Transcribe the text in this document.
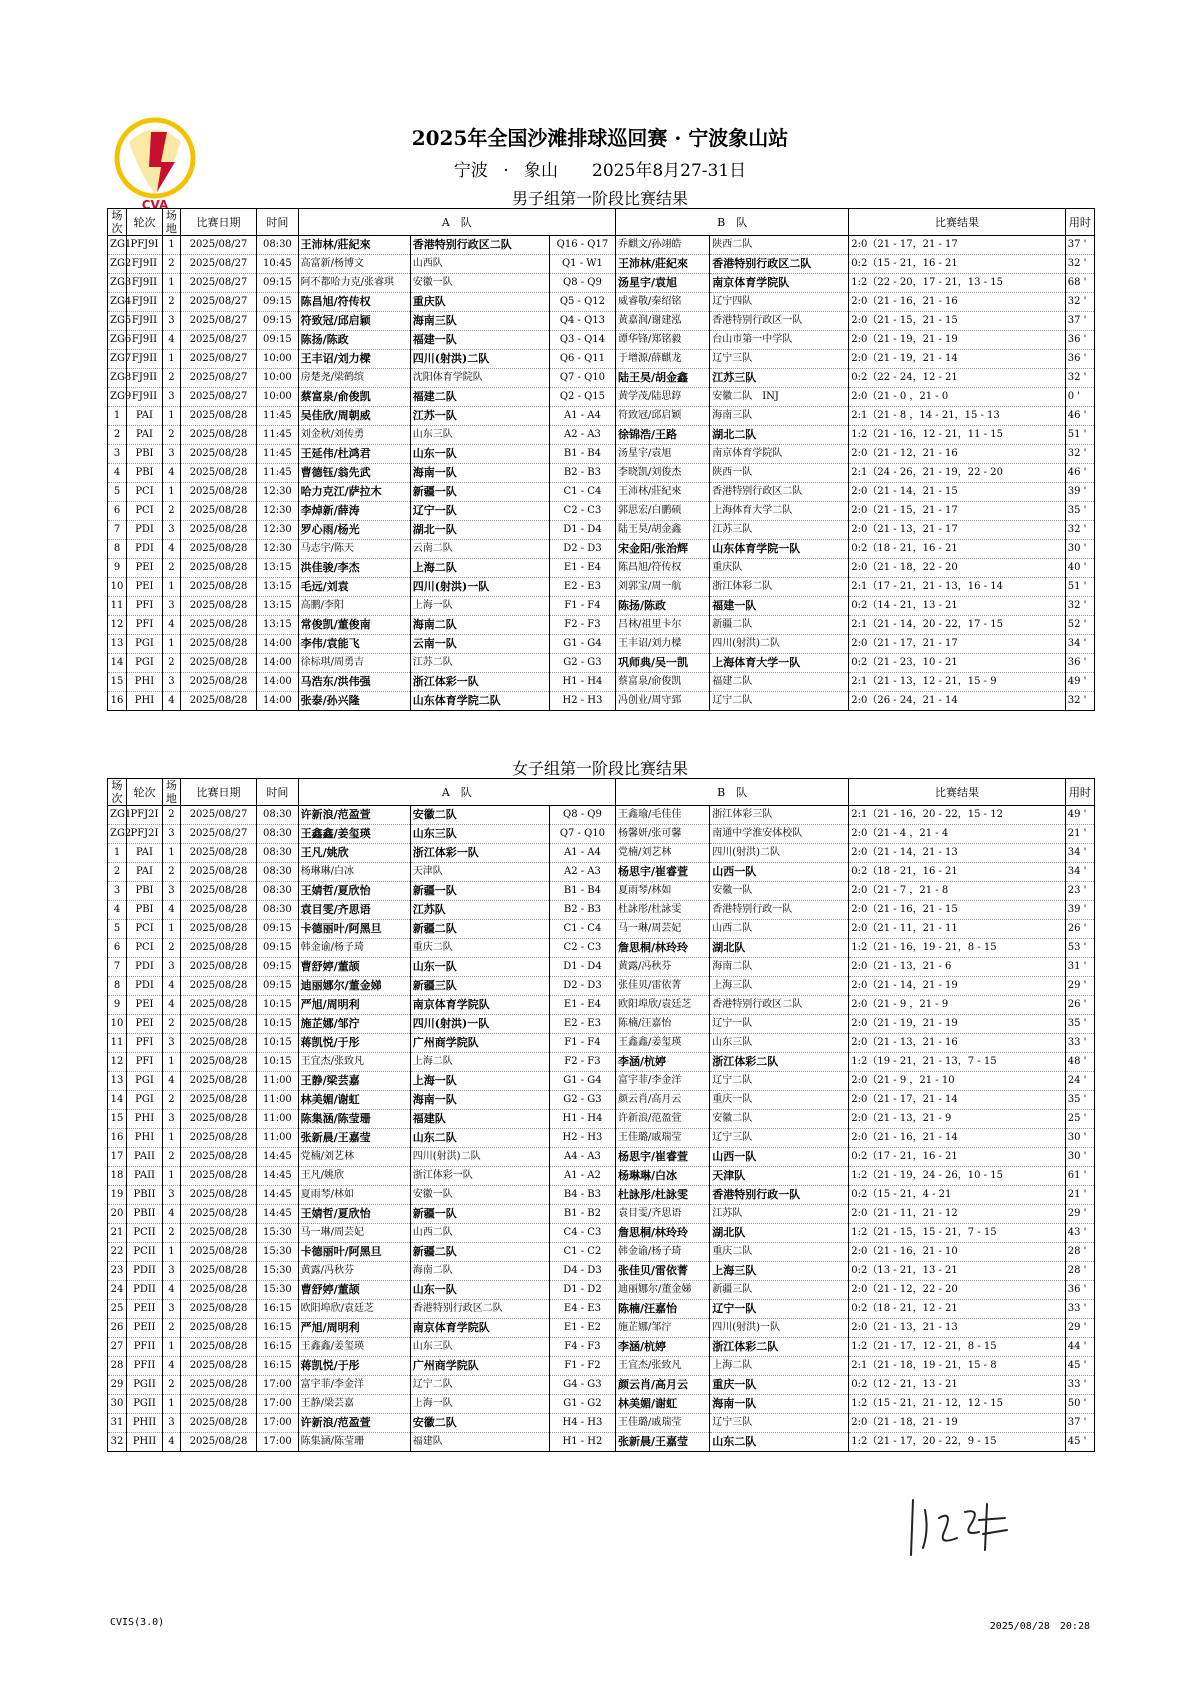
CVA
2025年全国沙滩排球巡回赛 · 宁波象山站
宁波 · 象山　　2025年8月27-31日
男子组第一阶段比赛结果
场次	轮次	场地	比赛日期	时间	A　队			B　队		比赛结果	用时
ZG1	PFJ9I	1	2025/08/27	08:30	王沛林/莊紀來	香港特别行政区二队	Q16 - Q17	乔麒文/孙翊皓	陕西二队	2:0（21 - 17，21 - 17	37 '
ZG2	FJ9II	2	2025/08/27	10:45	高富新/杨博文	山西队	Q1 - W1	王沛林/莊紀來	香港特别行政区二队	0:2（15 - 21，16 - 21	32 '
ZG3	FJ9II	1	2025/08/27	09:15	阿不都哈力克/张睿琪	安徽一队	Q8 - Q9	汤星宇/袁旭	南京体育学院队	1:2（22 - 20，17 - 21，13 - 15	68 '
ZG4	FJ9II	2	2025/08/27	09:15	陈昌旭/符传权	重庆队	Q5 - Q12	威睿敬/秦绍铭	辽宁四队	2:0（21 - 16，21 - 16	32 '
ZG5	FJ9II	3	2025/08/27	09:15	符致冠/邱启颖	海南三队	Q4 - Q13	黄嘉润/谢建泓	香港特别行政区一队	2:0（21 - 15，21 - 15	37 '
ZG6	FJ9II	4	2025/08/27	09:15	陈扬/陈政	福建一队	Q3 - Q14	谭华锋/郑铭毅	台山市第一中学队	2:0（21 - 19，21 - 19	36 '
ZG7	FJ9II	1	2025/08/27	10:00	王丰诏/刘力樑	四川(射洪)二队	Q6 - Q11	于增源/薛麒龙	辽宁三队	2:0（21 - 19，21 - 14	36 '
ZG8	FJ9II	2	2025/08/27	10:00	房楚尧/梁鹤缤	沈阳体育学院队	Q7 - Q10	陆王昊/胡金鑫	江苏三队	0:2（22 - 24，12 - 21	32 '
ZG9	FJ9II	3	2025/08/27	10:00	蔡富泉/俞俊凯	福建二队	Q2 - Q15	黄学茂/陆思錞	安徽二队　INJ	2:0（21 - 0 ，21 - 0	0 '
1	PAI	1	2025/08/28	11:45	吴佳欣/周朝威	江苏一队	A1 - A4	符致冠/邱启颖	海南三队	2:1（21 - 8 ，14 - 21，15 - 13	46 '
2	PAI	2	2025/08/28	11:45	刘金秋/刘传勇	山东三队	A2 - A3	徐锦浩/王路	湖北二队	1:2（21 - 16，12 - 21，11 - 15	51 '
3	PBI	3	2025/08/28	11:45	王延伟/杜鸿君	山东一队	B1 - B4	汤星宇/袁旭	南京体育学院队	2:0（21 - 12，21 - 16	32 '
4	PBI	4	2025/08/28	11:45	曹德钰/翁先武	海南一队	B2 - B3	李晓凯/刘俊杰	陕西一队	2:1（24 - 26，21 - 19，22 - 20	46 '
5	PCI	1	2025/08/28	12:30	哈力克江/萨拉木	新疆一队	C1 - C4	王沛林/莊紀來	香港特别行政区二队	2:0（21 - 14，21 - 15	39 '
6	PCI	2	2025/08/28	12:30	李焯新/薛涛	辽宁一队	C2 - C3	郭思宏/白鹏硕	上海体育大学二队	2:0（21 - 15，21 - 17	35 '
7	PDI	3	2025/08/28	12:30	罗心雨/杨光	湖北一队	D1 - D4	陆王昊/胡金鑫	江苏三队	2:0（21 - 13，21 - 17	32 '
8	PDI	4	2025/08/28	12:30	马志宇/陈天	云南二队	D2 - D3	宋金阳/张治辉	山东体育学院一队	0:2（18 - 21，16 - 21	30 '
9	PEI	2	2025/08/28	13:15	洪佳骏/李杰	上海二队	E1 - E4	陈昌旭/符传权	重庆队	2:0（21 - 18，22 - 20	40 '
10	PEI	1	2025/08/28	13:15	毛远/刘袁	四川(射洪)一队	E2 - E3	刘郭宝/周一航	浙江体彩二队	2:1（17 - 21，21 - 13，16 - 14	51 '
11	PFI	3	2025/08/28	13:15	高鹏/李阳	上海一队	F1 - F4	陈扬/陈政	福建一队	0:2（14 - 21，13 - 21	32 '
12	PFI	4	2025/08/28	13:15	常俊凯/董俊南	海南二队	F2 - F3	吕林/祖里卡尔	新疆二队	2:1（21 - 14，20 - 22，17 - 15	52 '
13	PGI	1	2025/08/28	14:00	李伟/袁能飞	云南一队	G1 - G4	王丰诏/刘力樑	四川(射洪)二队	2:0（21 - 17，21 - 17	34 '
14	PGI	2	2025/08/28	14:00	徐标琪/周勇吉	江苏二队	G2 - G3	巩师典/吴一凯	上海体育大学一队	0:2（21 - 23，10 - 21	36 '
15	PHI	3	2025/08/28	14:00	马浩东/洪伟强	浙江体彩一队	H1 - H4	蔡富泉/俞俊凯	福建二队	2:1（21 - 13，12 - 21，15 - 9	49 '
16	PHI	4	2025/08/28	14:00	张泰/孙兴隆	山东体育学院二队	H2 - H3	冯创业/周守郅	辽宁二队	2:0（26 - 24，21 - 14	32 '
女子组第一阶段比赛结果
场次	轮次	场地	比赛日期	时间	A　队			B　队		比赛结果	用时
ZG1	PFJ2I	2	2025/08/27	08:30	许新浪/范盈萱	安徽二队	Q8 - Q9	王鑫瑜/毛佳佳	浙江体彩三队	2:1（21 - 16，20 - 22，15 - 12	49 '
ZG2	PFJ2I	3	2025/08/27	08:30	王鑫鑫/姜玺瑛	山东三队	Q7 - Q10	杨馨妍/张可馨	南通中学淮安体校队	2:0（21 - 4 ，21 - 4	21 '
1	PAI	1	2025/08/28	08:30	王凡/姚欣	浙江体彩一队	A1 - A4	党楠/刘艺林	四川(射洪)二队	2:0（21 - 14，21 - 13	34 '
2	PAI	2	2025/08/28	08:30	杨琳琳/白冰	天津队	A2 - A3	杨思宇/崔睿萱	山西一队	0:2（18 - 21，16 - 21	34 '
3	PBI	3	2025/08/28	08:30	王婧哲/夏欣怡	新疆一队	B1 - B4	夏雨琴/林如	安徽一队	2:0（21 - 7 ，21 - 8	23 '
4	PBI	4	2025/08/28	08:30	袁目雯/齐思语	江苏队	B2 - B3	杜詠彤/杜詠雯	香港特别行政一队	2:0（21 - 16，21 - 15	39 '
5	PCI	1	2025/08/28	09:15	卡德丽叶/阿黑旦	新疆二队	C1 - C4	马一琳/周芸妃	山西二队	2:0（21 - 11，21 - 11	26 '
6	PCI	2	2025/08/28	09:15	韩金谕/杨子琦	重庆二队	C2 - C3	詹思桐/林玲玲	湖北队	1:2（21 - 16，19 - 21，8 - 15	53 '
7	PDI	3	2025/08/28	09:15	曹舒婷/董颉	山东一队	D1 - D4	黄露/冯秋芬	海南二队	2:0（21 - 13，21 - 6	31 '
8	PDI	4	2025/08/28	09:15	迪丽娜尔/董金娣	新疆三队	D2 - D3	张佳贝/雷依菁	上海三队	2:0（21 - 14，21 - 19	29 '
9	PEI	4	2025/08/28	10:15	严旭/周明利	南京体育学院队	E1 - E4	欧阳埠欣/袁廷芝	香港特别行政区二队	2:0（21 - 9 ，21 - 9	26 '
10	PEI	2	2025/08/28	10:15	施芷娜/邹泞	四川(射洪)一队	E2 - E3	陈楠/汪嘉怡	辽宁一队	2:0（21 - 19，21 - 19	35 '
11	PFI	3	2025/08/28	10:15	蒋凯悦/于彤	广州商学院队	F1 - F4	王鑫鑫/姜玺瑛	山东三队	2:0（21 - 13，21 - 16	33 '
12	PFI	1	2025/08/28	10:15	王宜杰/张致凡	上海二队	F2 - F3	李涵/杭婷	浙江体彩二队	1:2（19 - 21，21 - 13，7 - 15	48 '
13	PGI	4	2025/08/28	11:00	王静/梁芸嘉	上海一队	G1 - G4	富宇菲/李金洋	辽宁二队	2:0（21 - 9 ，21 - 10	24 '
14	PGI	2	2025/08/28	11:00	林美媚/谢虹	海南一队	G2 - G3	颜云肖/高月云	重庆一队	2:0（21 - 17，21 - 14	35 '
15	PHI	3	2025/08/28	11:00	陈集涵/陈莹珊	福建队	H1 - H4	许新浪/范盈萱	安徽二队	2:0（21 - 13，21 - 9	25 '
16	PHI	1	2025/08/28	11:00	张新晨/王嘉莹	山东二队	H2 - H3	王佳璐/戚瑞莹	辽宁三队	2:0（21 - 16，21 - 14	30 '
17	PAII	2	2025/08/28	14:45	党楠/刘艺林	四川(射洪)二队	A4 - A3	杨思宇/崔睿萱	山西一队	0:2（17 - 21，16 - 21	30 '
18	PAII	1	2025/08/28	14:45	王凡/姚欣	浙江体彩一队	A1 - A2	杨琳琳/白冰	天津队	1:2（21 - 19，24 - 26，10 - 15	61 '
19	PBII	3	2025/08/28	14:45	夏雨琴/林如	安徽一队	B4 - B3	杜詠彤/杜詠雯	香港特别行政一队	0:2（15 - 21，4 - 21	21 '
20	PBII	4	2025/08/28	14:45	王婧哲/夏欣怡	新疆一队	B1 - B2	袁目雯/齐思语	江苏队	2:0（21 - 11，21 - 12	29 '
21	PCII	2	2025/08/28	15:30	马一琳/周芸妃	山西二队	C4 - C3	詹思桐/林玲玲	湖北队	1:2（21 - 15，15 - 21，7 - 15	43 '
22	PCII	1	2025/08/28	15:30	卡德丽叶/阿黑旦	新疆二队	C1 - C2	韩金谕/杨子琦	重庆二队	2:0（21 - 16，21 - 10	28 '
23	PDII	3	2025/08/28	15:30	黄露/冯秋芬	海南二队	D4 - D3	张佳贝/雷依菁	上海三队	0:2（13 - 21，13 - 21	28 '
24	PDII	4	2025/08/28	15:30	曹舒婷/董颉	山东一队	D1 - D2	迪丽娜尔/董金娣	新疆三队	2:0（21 - 12，22 - 20	36 '
25	PEII	3	2025/08/28	16:15	欧阳埠欣/袁廷芝	香港特别行政区二队	E4 - E3	陈楠/汪嘉怡	辽宁一队	0:2（18 - 21，12 - 21	33 '
26	PEII	2	2025/08/28	16:15	严旭/周明利	南京体育学院队	E1 - E2	施芷娜/邹泞	四川(射洪)一队	2:0（21 - 13，21 - 13	29 '
27	PFII	1	2025/08/28	16:15	王鑫鑫/姜玺瑛	山东三队	F4 - F3	李涵/杭婷	浙江体彩二队	1:2（21 - 17，12 - 21，8 - 15	44 '
28	PFII	4	2025/08/28	16:15	蒋凯悦/于彤	广州商学院队	F1 - F2	王宜杰/张致凡	上海二队	2:1（21 - 18，19 - 21，15 - 8	45 '
29	PGII	2	2025/08/28	17:00	富宇菲/李金洋	辽宁二队	G4 - G3	颜云肖/高月云	重庆一队	0:2（12 - 21，13 - 21	33 '
30	PGII	1	2025/08/28	17:00	王静/梁芸嘉	上海一队	G1 - G2	林美媚/谢虹	海南一队	1:2（15 - 21，21 - 12，12 - 15	50 '
31	PHII	3	2025/08/28	17:00	许新浪/范盈萱	安徽二队	H4 - H3	王佳璐/戚瑞莹	辽宁三队	2:0（21 - 18，21 - 19	37 '
32	PHII	4	2025/08/28	17:00	陈集涵/陈莹珊	福建队	H1 - H2	张新晨/王嘉莹	山东二队	1:2（21 - 17，20 - 22，9 - 15	45 '
CVIS(3.0)	2025/08/28　20:28
